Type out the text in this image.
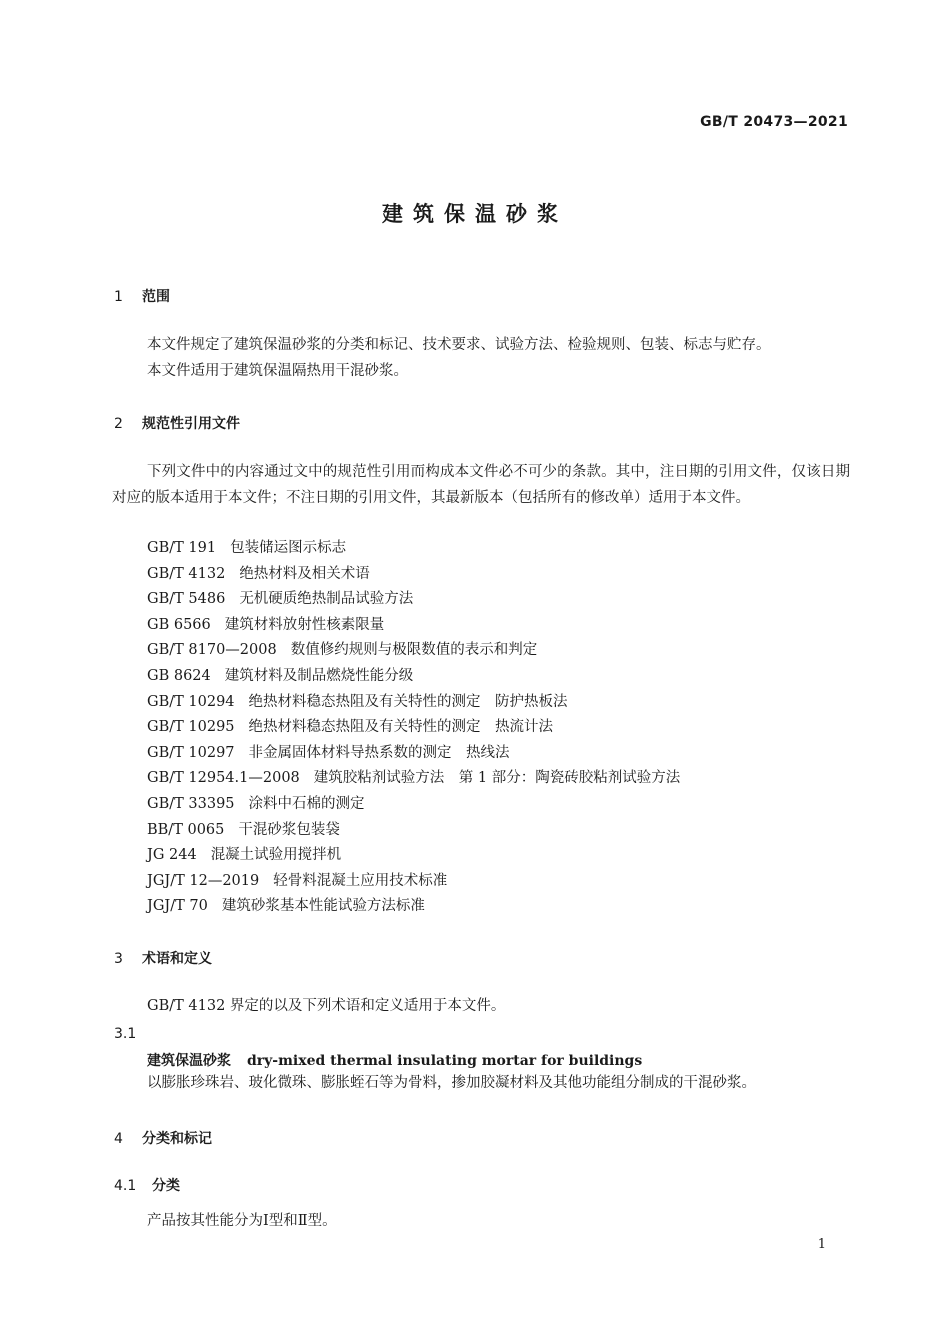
GB/T 20473—2021
建筑保温砂浆
1 范围
本文件规定了建筑保温砂浆的分类和标记、技术要求、试验方法、检验规则、包装、标志与贮存。
本文件适用于建筑保温隔热用干混砂浆。
2 规范性引用文件
下列文件中的内容通过文中的规范性引用而构成本文件必不可少的条款。其中，注日期的引用文件，仅该日期对应的版本适用于本文件；不注日期的引用文件，其最新版本（包括所有的修改单）适用于本文件。
GB/T 191 包装储运图示标志
GB/T 4132 绝热材料及相关术语
GB/T 5486 无机硬质绝热制品试验方法
GB 6566 建筑材料放射性核素限量
GB/T 8170—2008 数值修约规则与极限数值的表示和判定
GB 8624 建筑材料及制品燃烧性能分级
GB/T 10294 绝热材料稳态热阻及有关特性的测定　防护热板法
GB/T 10295 绝热材料稳态热阻及有关特性的测定　热流计法
GB/T 10297 非金属固体材料导热系数的测定　热线法
GB/T 12954.1—2008 建筑胶粘剂试验方法　第 1 部分：陶瓷砖胶粘剂试验方法
GB/T 33395 涂料中石棉的测定
BB/T 0065 干混砂浆包装袋
JG 244 混凝土试验用搅拌机
JGJ/T 12—2019 轻骨料混凝土应用技术标准
JGJ/T 70 建筑砂浆基本性能试验方法标准
3 术语和定义
GB/T 4132 界定的以及下列术语和定义适用于本文件。
3.1
建筑保温砂浆 dry-mixed thermal insulating mortar for buildings
以膨胀珍珠岩、玻化微珠、膨胀蛭石等为骨料，掺加胶凝材料及其他功能组分制成的干混砂浆。
4 分类和标记
4.1 分类
产品按其性能分为Ⅰ型和Ⅱ型。
1
